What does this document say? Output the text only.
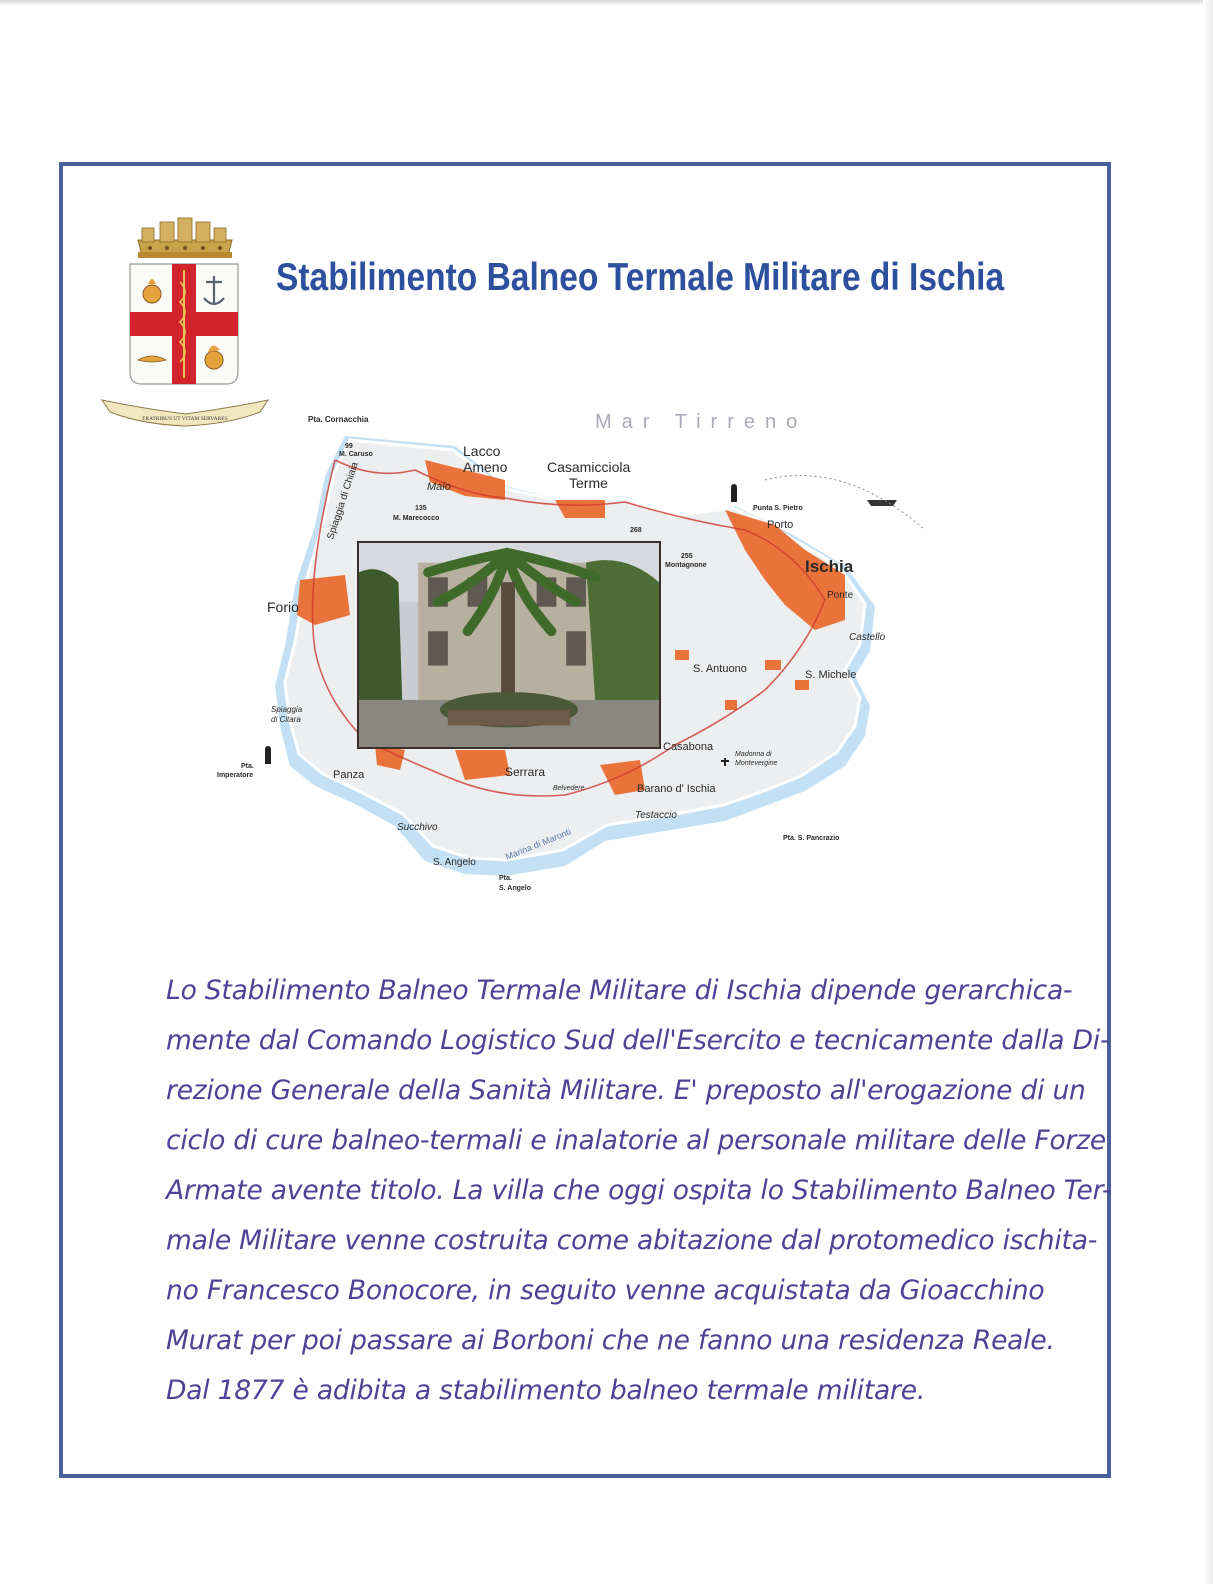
FRATRIBUS UT VITAM SERVARES
Stabilimento Balneo Termale Militare di Ischia
Mar Tirreno
Pta. Cornacchia
99
M. Caruso	Lacco
Ameno	Casamicciola
Terme
Maio
135
M. Marecocco
Spiaggia di Chiaia
Forio
Spiaggia
di Citara
Pta.
Imperatore	Panza	Serrara
Belvedere
Succhivo
S. Angelo
Marina di Maronti
Pta.
S. Angelo
255
Montagnone
268
Punta S. Pietro
Porto
Ischia
Ponte
Castello
S. Antuono	S. Michele
Casabona
Madonna di
Montevergine
Barano d' Ischia
Testaccio
Pta. S. Pancrazio
Lo Stabilimento Balneo Termale Militare di Ischia dipende gerarchica-
mente dal Comando Logistico Sud dell'Esercito e tecnicamente dalla Di-
rezione Generale della Sanità Militare. E' preposto all'erogazione di un
ciclo di cure balneo-termali e inalatorie al personale militare delle Forze
Armate avente titolo. La villa che oggi ospita lo Stabilimento Balneo Ter-
male Militare venne costruita come abitazione dal protomedico ischita-
no Francesco Bonocore, in seguito venne acquistata da Gioacchino
Murat per poi passare ai Borboni che ne fanno una residenza Reale.
Dal 1877 è adibita a stabilimento balneo termale militare.
